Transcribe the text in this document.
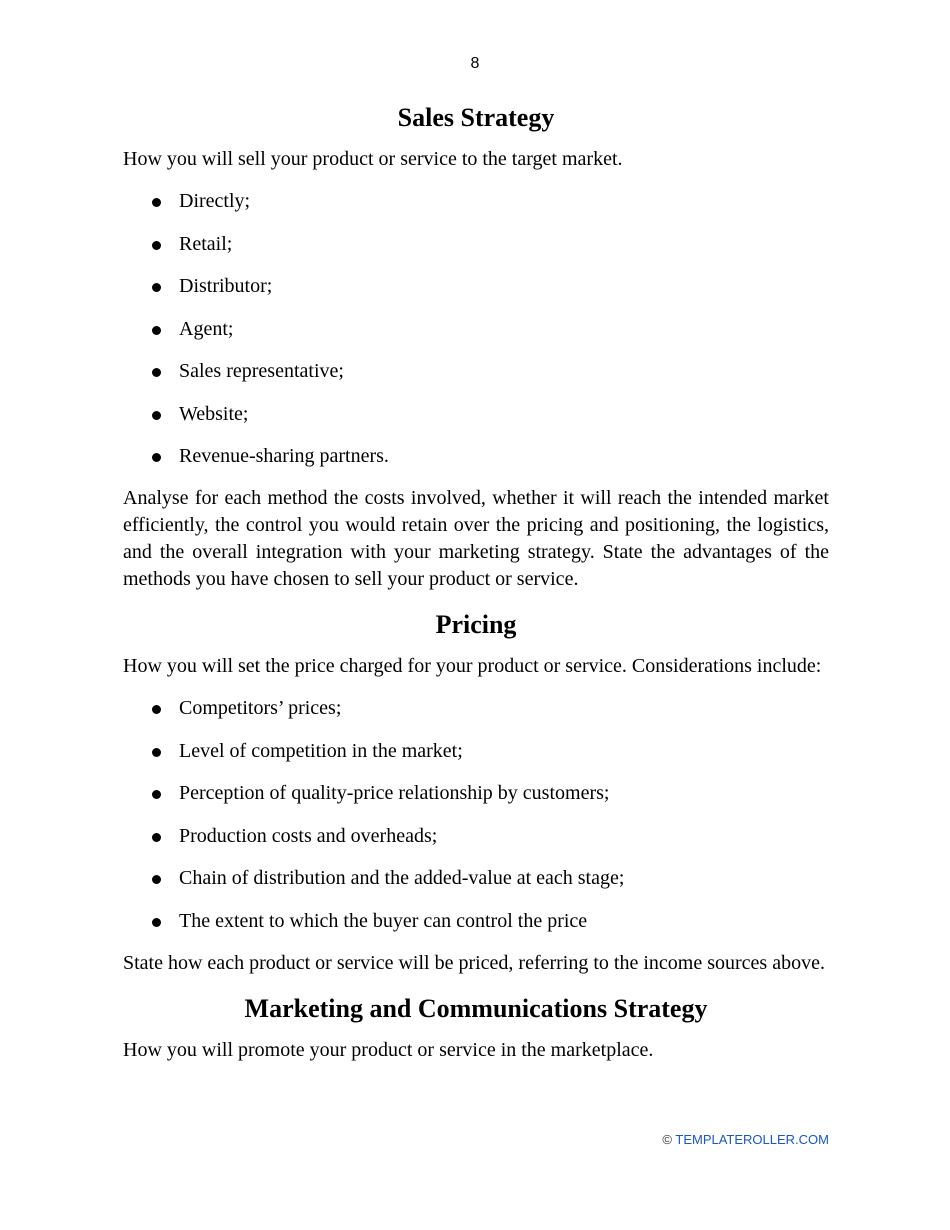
8
Sales Strategy

How you will sell your product or service to the target market.

Directly;
Retail;
Distributor;
Agent;
Sales representative;
Website;
Revenue-sharing partners.

Analyse for each method the costs involved, whether it will reach the intended market efficiently, the control you would retain over the pricing and positioning, the logistics, and the overall integration with your marketing strategy. State the advantages of the methods you have chosen to sell your product or service.

Pricing

How you will set the price charged for your product or service. Considerations include:

Competitors’ prices;
Level of competition in the market;
Perception of quality-price relationship by customers;
Production costs and overheads;
Chain of distribution and the added-value at each stage;
The extent to which the buyer can control the price

State how each product or service will be priced, referring to the income sources above.

Marketing and Communications Strategy

How you will promote your product or service in the marketplace.

© TEMPLATEROLLER.COM
